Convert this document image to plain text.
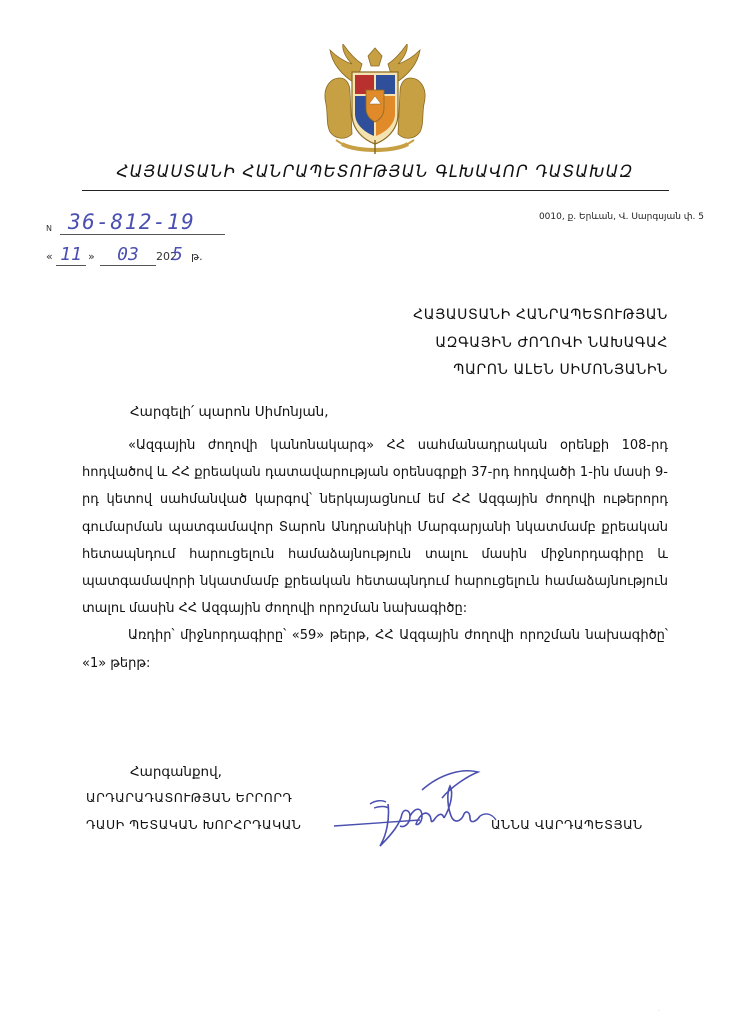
ՀԱՅԱՍՏԱՆԻ ՀԱՆՐԱՊԵՏՈՒԹՅԱՆ ԳԼԽԱՎՈՐ ԴԱՏԱԽԱԶ
N 36-812-19	0010, ք. Երևան, Վ. Սարգսյան փ. 5
« 11 »	03	202
5 թ.
ՀԱՅԱՍՏԱՆԻ ՀԱՆՐԱՊԵՏՈՒԹՅԱՆ
ԱԶԳԱՅԻՆ ԺՈՂՈՎԻ ՆԱԽԱԳԱՀ
ՊԱՐՈՆ ԱԼԵՆ ՍԻՄՈՆՅԱՆԻՆ
Հարգելի՛ պարոն Սիմոնյան,

«Ազգային ժողովի կանոնակարգ» ՀՀ սահմանադրական օրենքի 108-րդ հոդվածով և ՀՀ քրեական դատավարության օրենսգրքի 37-րդ հոդվածի 1-ին մասի 9-րդ կետով սահմանված կարգով՝ ներկայացնում եմ ՀՀ Ազգային ժողովի ութերորդ գումարման պատգամավոր Տարոն Անդրանիկի Մարգարյանի նկատմամբ քրեական հետապնդում հարուցելուն համաձայնություն տալու մասին միջնորդագիրը և պատգամավորի նկատմամբ քրեական հետապնդում հարուցելուն համաձայնություն տալու մասին ՀՀ Ազգային ժողովի որոշման նախագիծը:

Առդիր՝ միջնորդագիրը՝ «59» թերթ, ՀՀ Ազգային ժողովի որոշման նախագիծը՝ «1» թերթ:

Հարգանքով,
ԱՐԴԱՐԱԴԱՏՈՒԹՅԱՆ ԵՐՐՈՐԴ
ԴԱՍԻ ՊԵՏԱԿԱՆ ԽՈՐՀՐԴԱԿԱՆ	ԱՆՆԱ ՎԱՐԴԱՊԵՏՅԱՆ
·
